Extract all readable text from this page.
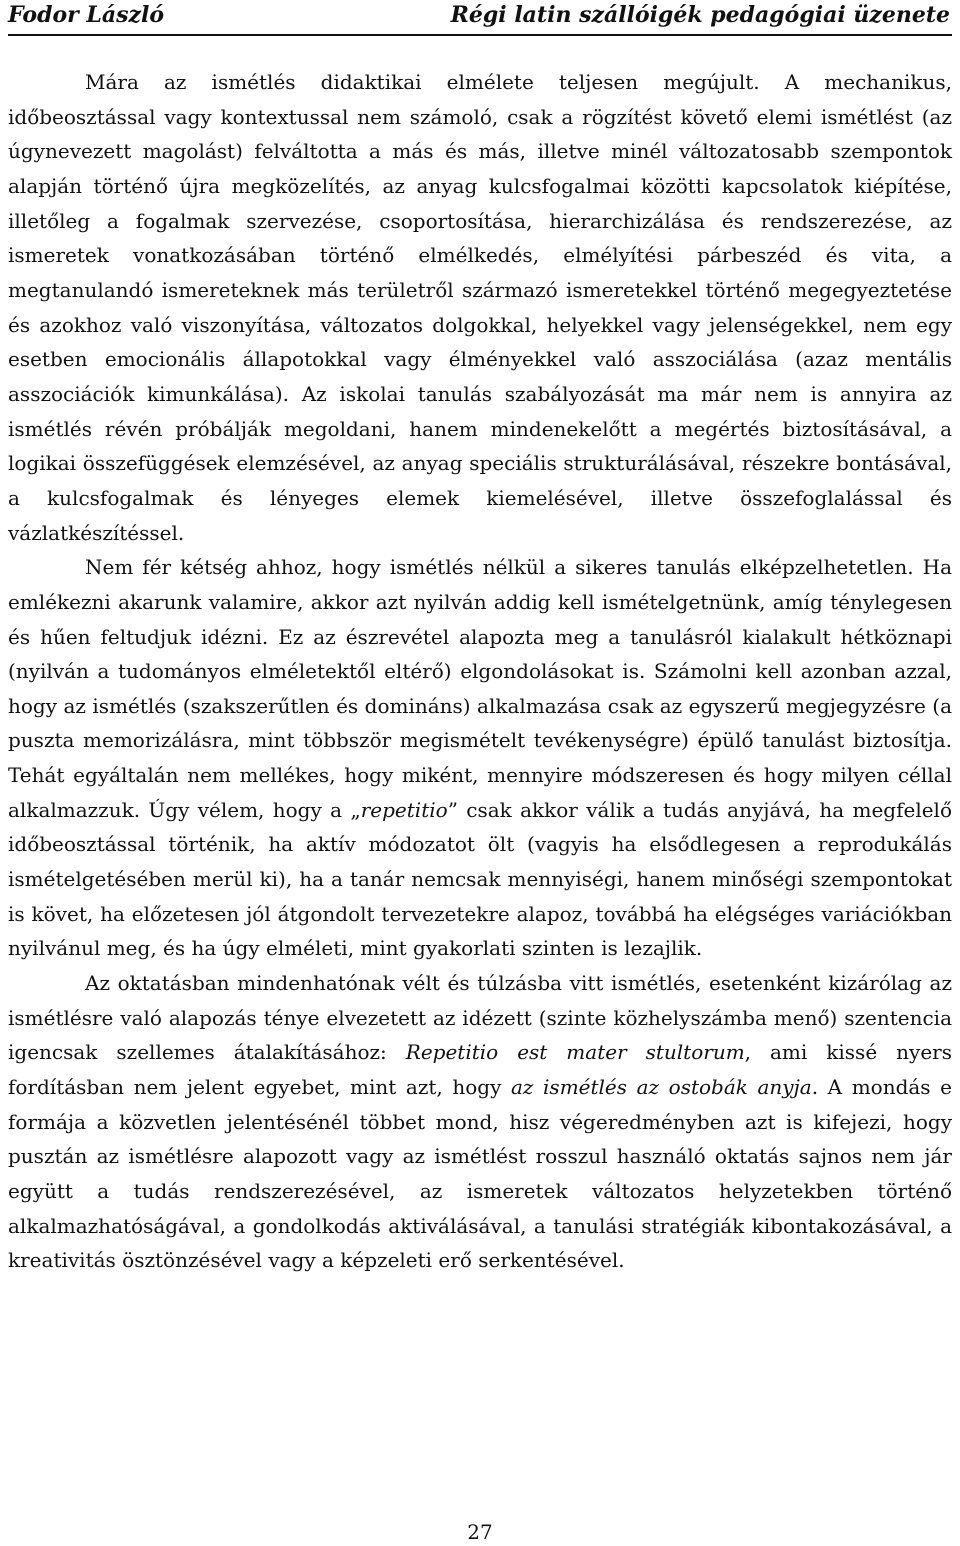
Fodor László	Régi latin szállóigék pedagógiai üzenete

Mára az ismétlés didaktikai elmélete teljesen megújult. A mechanikus, időbeosztással vagy kontextussal nem számoló, csak a rögzítést követő elemi ismétlést (az úgynevezett magolást) felváltotta a más és más, illetve minél változatosabb szempontok alapján történő újra megközelítés, az anyag kulcsfogalmai közötti kapcsolatok kiépítése, illetőleg a fogalmak szervezése, csoportosítása, hierarchizálása és rendszerezése, az ismeretek vonatkozásában történő elmélkedés, elmélyítési párbeszéd és vita, a megtanulandó ismereteknek más területről származó ismeretekkel történő megegyeztetése és azokhoz való viszonyítása, változatos dolgokkal, helyekkel vagy jelenségekkel, nem egy esetben emocionális állapotokkal vagy élményekkel való asszociálása (azaz mentális asszociációk kimunkálása). Az iskolai tanulás szabályozását ma már nem is annyira az ismétlés révén próbálják megoldani, hanem mindenekelőtt a megértés biztosításával, a logikai összefüggések elemzésével, az anyag speciális strukturálásával, részekre bontásával, a kulcsfogalmak és lényeges elemek kiemelésével, illetve összefoglalással és vázlatkészítéssel.

Nem fér kétség ahhoz, hogy ismétlés nélkül a sikeres tanulás elképzelhetetlen. Ha emlékezni akarunk valamire, akkor azt nyilván addig kell ismételgetnünk, amíg ténylegesen és hűen feltudjuk idézni. Ez az észrevétel alapozta meg a tanulásról kialakult hétköznapi (nyilván a tudományos elméletektől eltérő) elgondolásokat is. Számolni kell azonban azzal, hogy az ismétlés (szakszerűtlen és domináns) alkalmazása csak az egyszerű megjegyzésre (a puszta memorizálásra, mint többször megismételt tevékenységre) épülő tanulást biztosítja. Tehát egyáltalán nem mellékes, hogy miként, mennyire módszeresen és hogy milyen céllal alkalmazzuk. Úgy vélem, hogy a „repetitio” csak akkor válik a tudás anyjává, ha megfelelő időbeosztással történik, ha aktív módozatot ölt (vagyis ha elsődlegesen a reprodukálás ismételgetésében merül ki), ha a tanár nemcsak mennyiségi, hanem minőségi szempontokat is követ, ha előzetesen jól átgondolt tervezetekre alapoz, továbbá ha elégséges variációkban nyilvánul meg, és ha úgy elméleti, mint gyakorlati szinten is lezajlik.

Az oktatásban mindenhatónak vélt és túlzásba vitt ismétlés, esetenként kizárólag az ismétlésre való alapozás ténye elvezetett az idézett (szinte közhelyszámba menő) szentencia igencsak szellemes átalakításához: Repetitio est mater stultorum, ami kissé nyers fordításban nem jelent egyebet, mint azt, hogy az ismétlés az ostobák anyja. A mondás e formája a közvetlen jelentésénél többet mond, hisz végeredményben azt is kifejezi, hogy pusztán az ismétlésre alapozott vagy az ismétlést rosszul használó oktatás sajnos nem jár együtt a tudás rendszerezésével, az ismeretek változatos helyzetekben történő alkalmazhatóságával, a gondolkodás aktiválásával, a tanulási stratégiák kibontakozásával, a kreativitás ösztönzésével vagy a képzeleti erő serkentésével.

27
